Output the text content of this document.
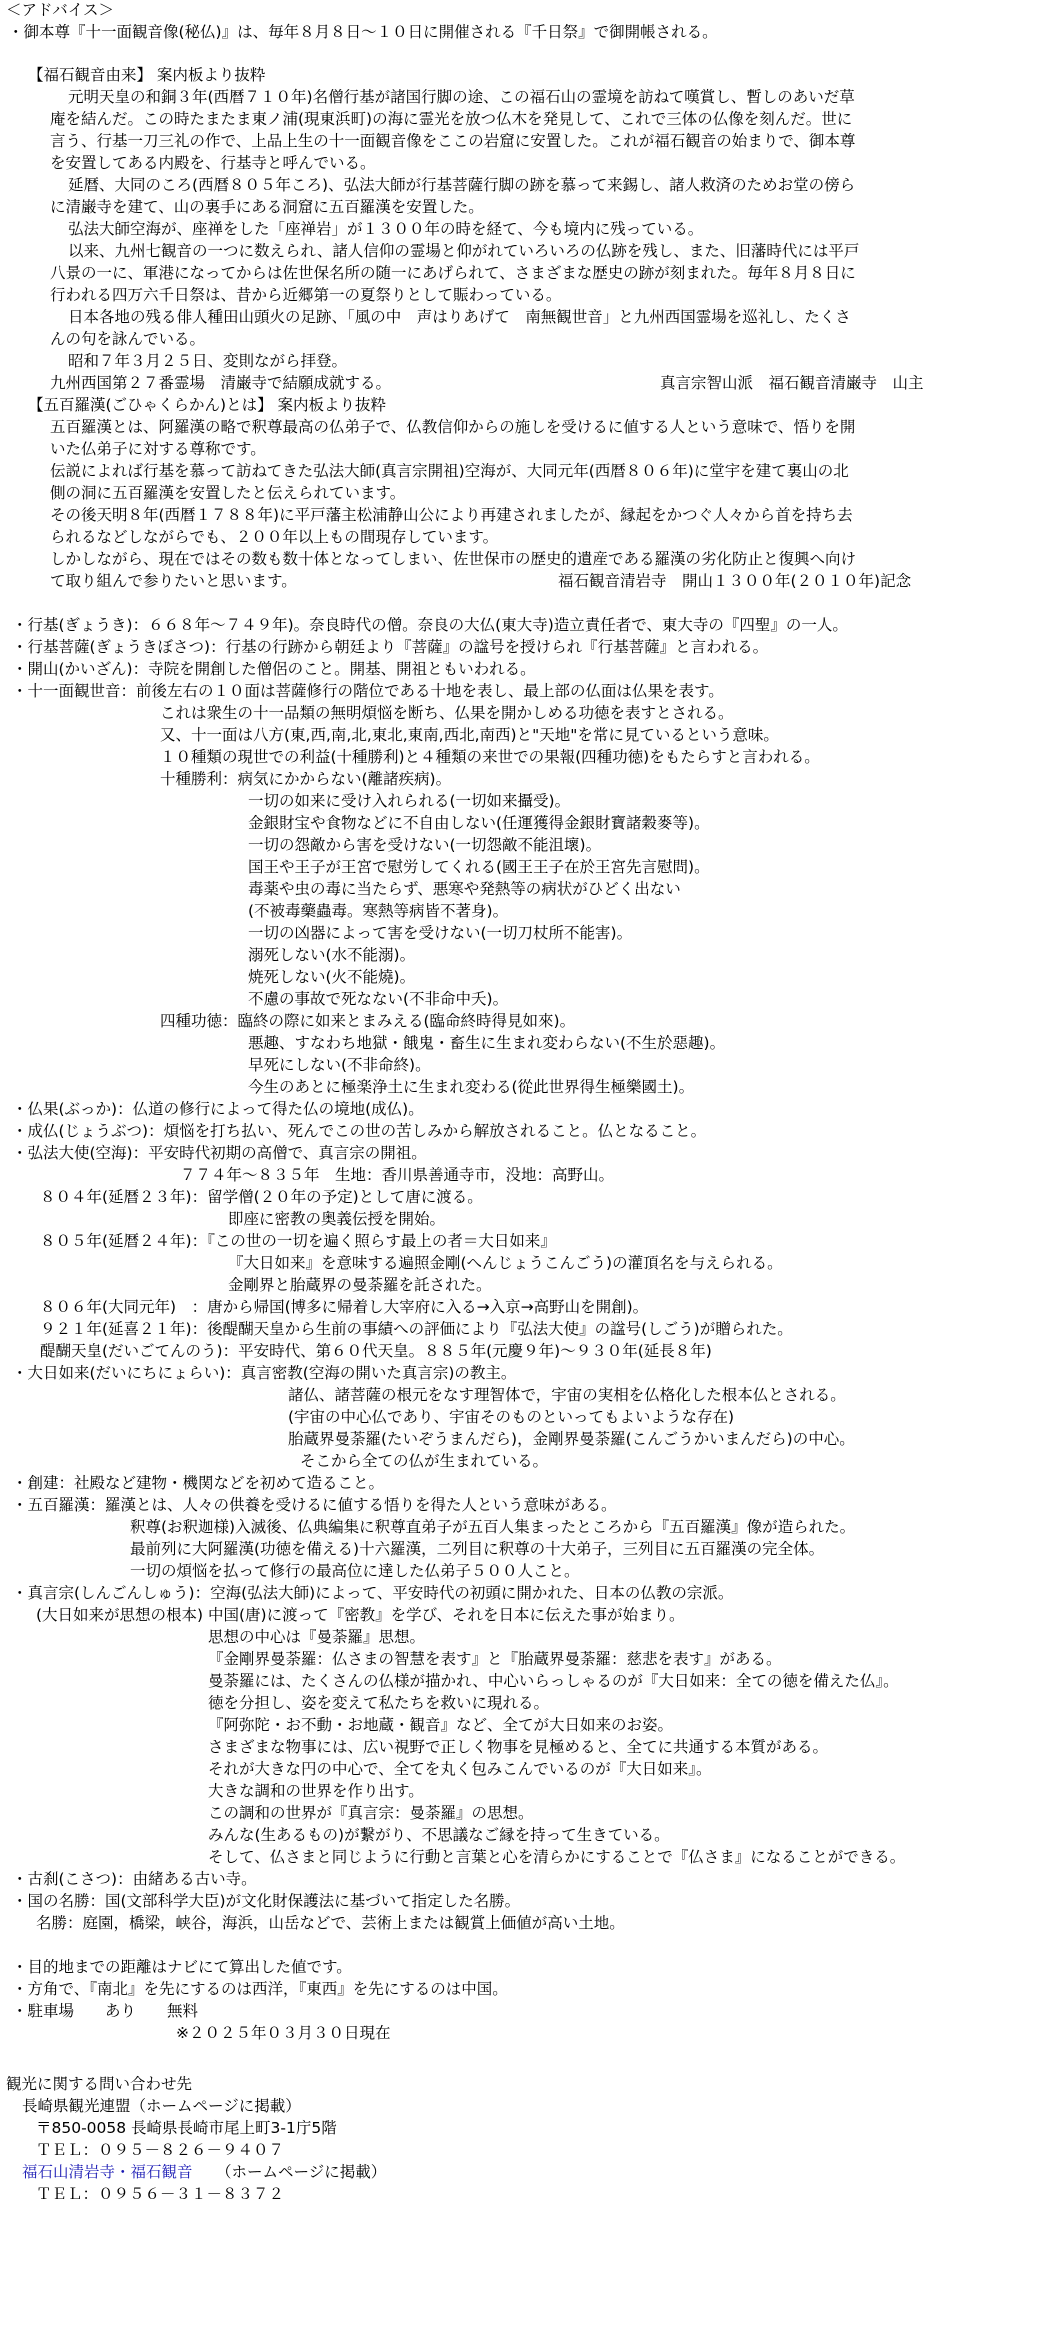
＜アドバイス＞
・御本尊『十一面観音像(秘仏)』は、毎年８月８日～１０日に開催される『千日祭』で御開帳される。
【福石観音由来】 案内板より抜粋
元明天皇の和銅３年(西暦７１０年)名僧行基が諸国行脚の途、この福石山の霊境を訪ねて嘆賞し、暫しのあいだ草
庵を結んだ。この時たまたま東ノ浦(現東浜町)の海に霊光を放つ仏木を発見して、これで三体の仏像を刻んだ。世に
言う、行基一刀三礼の作で、上品上生の十一面観音像をここの岩窟に安置した。これが福石観音の始まりで、御本尊
を安置してある内殿を、行基寺と呼んでいる。
延暦、大同のころ(西暦８０５年ころ)、弘法大師が行基菩薩行脚の跡を慕って来錫し、諸人救済のためお堂の傍ら
に清巌寺を建て、山の裏手にある洞窟に五百羅漢を安置した。
弘法大師空海が、座禅をした「座禅岩」が１３００年の時を経て、今も境内に残っている。
以来、九州七観音の一つに数えられ、諸人信仰の霊場と仰がれていろいろの仏跡を残し、また、旧藩時代には平戸
八景の一に、軍港になってからは佐世保名所の随一にあげられて、さまざまな歴史の跡が刻まれた。毎年８月８日に
行われる四万六千日祭は、昔から近郷第一の夏祭りとして賑わっている。
日本各地の残る俳人種田山頭火の足跡、「風の中　声はりあげて　南無観世音」と九州西国霊場を巡礼し、たくさ
んの句を詠んでいる。
昭和７年３月２５日、変則ながら拝登。
九州西国第２７番霊場　清巌寺で結願成就する。	真言宗智山派　福石観音清巌寺　山主
【五百羅漢(ごひゃくらかん)とは】 案内板より抜粋
五百羅漢とは、阿羅漢の略で釈尊最高の仏弟子で、仏教信仰からの施しを受けるに値する人という意味で、悟りを開
いた仏弟子に対する尊称です。
伝説によれば行基を慕って訪ねてきた弘法大師(真言宗開祖)空海が、大同元年(西暦８０６年)に堂宇を建て裏山の北
側の洞に五百羅漢を安置したと伝えられています。
その後天明８年(西暦１７８８年)に平戸藩主松浦静山公により再建されましたが、縁起をかつぐ人々から首を持ち去
られるなどしながらでも、２００年以上もの間現存しています。
しかしながら、現在ではその数も数十体となってしまい、佐世保市の歴史的遺産である羅漢の劣化防止と復興へ向け
て取り組んで参りたいと思います。	福石観音清岩寺　開山１３００年(２０１０年)記念
・行基(ぎょうき)：６６８年～７４９年)。奈良時代の僧。奈良の大仏(東大寺)造立責任者で、東大寺の『四聖』の一人。
・行基菩薩(ぎょうきぼさつ)：行基の行跡から朝廷より『菩薩』の諡号を授けられ『行基菩薩』と言われる。
・開山(かいざん)：寺院を開創した僧侶のこと。開基、開祖ともいわれる。
・十一面観世音：前後左右の１０面は菩薩修行の階位である十地を表し、最上部の仏面は仏果を表す。
これは衆生の十一品類の無明煩悩を断ち、仏果を開かしめる功徳を表すとされる。
又、十一面は八方(東,西,南,北,東北,東南,西北,南西)と"天地"を常に見ているという意味。
１０種類の現世での利益(十種勝利)と４種類の来世での果報(四種功徳)をもたらすと言われる。
十種勝利：病気にかからない(離諸疾病)。
一切の如来に受け入れられる(一切如来攝受)。
金銀財宝や食物などに不自由しない(任運獲得金銀財寶諸穀麥等)。
一切の怨敵から害を受けない(一切怨敵不能沮壞)。
国王や王子が王宮で慰労してくれる(國王王子在於王宮先言慰問)。
毒薬や虫の毒に当たらず、悪寒や発熱等の病状がひどく出ない
(不被毒藥蟲毒。寒熱等病皆不著身)。
一切の凶器によって害を受けない(一切刀杖所不能害)。
溺死しない(水不能溺)。
焼死しない(火不能燒)。
不慮の事故で死なない(不非命中夭)。
四種功徳：臨終の際に如来とまみえる(臨命終時得見如來)。
悪趣、すなわち地獄・餓鬼・畜生に生まれ変わらない(不生於惡趣)。
早死にしない(不非命終)。
今生のあとに極楽浄土に生まれ変わる(從此世界得生極樂國土)。
・仏果(ぶっか)：仏道の修行によって得た仏の境地(成仏)。
・成仏(じょうぶつ)：煩悩を打ち払い、死んでこの世の苦しみから解放されること。仏となること。
・弘法大使(空海)：平安時代初期の高僧で、真言宗の開祖。
７７４年～８３５年　生地：香川県善通寺市，没地：高野山。
８０４年(延暦２３年)：留学僧(２０年の予定)として唐に渡る。
即座に密教の奥義伝授を開始。
８０５年(延暦２４年)：『この世の一切を遍く照らす最上の者＝大日如来』
『大日如来』を意味する遍照金剛(へんじょうこんごう)の灌頂名を与えられる。
金剛界と胎蔵界の曼荼羅を託された。
８０６年(大同元年)　：唐から帰国(博多に帰着し大宰府に入る→入京→高野山を開創)。
９２１年(延喜２１年)：後醍醐天皇から生前の事績への評価により『弘法大使』の諡号(しごう)が贈られた。
醍醐天皇(だいごてんのう)：平安時代、第６０代天皇。８８５年(元慶９年)～９３０年(延長８年)
・大日如来(だいにちにょらい)：真言密教(空海の開いた真言宗)の教主。
諸仏、諸菩薩の根元をなす理智体で，宇宙の実相を仏格化した根本仏とされる。
(宇宙の中心仏であり、宇宙そのものといってもよいような存在)
胎蔵界曼荼羅(たいぞうまんだら)，金剛界曼荼羅(こんごうかいまんだら)の中心。
そこから全ての仏が生まれている。
・創建：社殿など建物・機関などを初めて造ること。
・五百羅漢：羅漢とは、人々の供養を受けるに値する悟りを得た人という意味がある。
釈尊(お釈迦様)入滅後、仏典編集に釈尊直弟子が五百人集まったところから『五百羅漢』像が造られた。
最前列に大阿羅漢(功徳を備える)十六羅漢，二列目に釈尊の十大弟子，三列目に五百羅漢の完全体。
一切の煩悩を払って修行の最高位に達した仏弟子５００人こと。
・真言宗(しんごんしゅう)：空海(弘法大師)によって、平安時代の初頭に開かれた、日本の仏教の宗派。
(大日如来が思想の根本) 中国(唐)に渡って『密教』を学び、それを日本に伝えた事が始まり。
思想の中心は『曼荼羅』思想。
『金剛界曼荼羅：仏さまの智慧を表す』と『胎蔵界曼荼羅：慈悲を表す』がある。
曼荼羅には、たくさんの仏様が描かれ、中心いらっしゃるのが『大日如来：全ての徳を備えた仏』。
徳を分担し、姿を変えて私たちを救いに現れる。
『阿弥陀・お不動・お地蔵・観音』など、全てが大日如来のお姿。
さまざまな物事には、広い視野で正しく物事を見極めると、全てに共通する本質がある。
それが大きな円の中心で、全てを丸く包みこんでいるのが『大日如来』。
大きな調和の世界を作り出す。
この調和の世界が『真言宗：曼荼羅』の思想。
みんな(生あるもの)が繋がり、不思議なご縁を持って生きている。
そして、仏さまと同じように行動と言葉と心を清らかにすることで『仏さま』になることができる。
・古刹(こさつ)：由緒ある古い寺。
・国の名勝：国(文部科学大臣)が文化財保護法に基づいて指定した名勝。
名勝：庭園，橋梁，峡谷，海浜，山岳などで、芸術上または観賞上価値が高い土地。
・目的地までの距離はナビにて算出した値です。
・方角で、『南北』を先にするのは西洋，『東西』を先にするのは中国。
・駐車場　　あり　　無料
※２０２５年０３月３０日現在
観光に関する問い合わせ先
長崎県観光連盟（ホームページに掲載）
〒850-0058 長崎県長崎市尾上町3-1庁5階
ＴＥＬ：０９５－８２６－９４０７
福石山清岩寺・福石観音 （ホームページに掲載）
ＴＥＬ：０９５６－３１－８３７２
